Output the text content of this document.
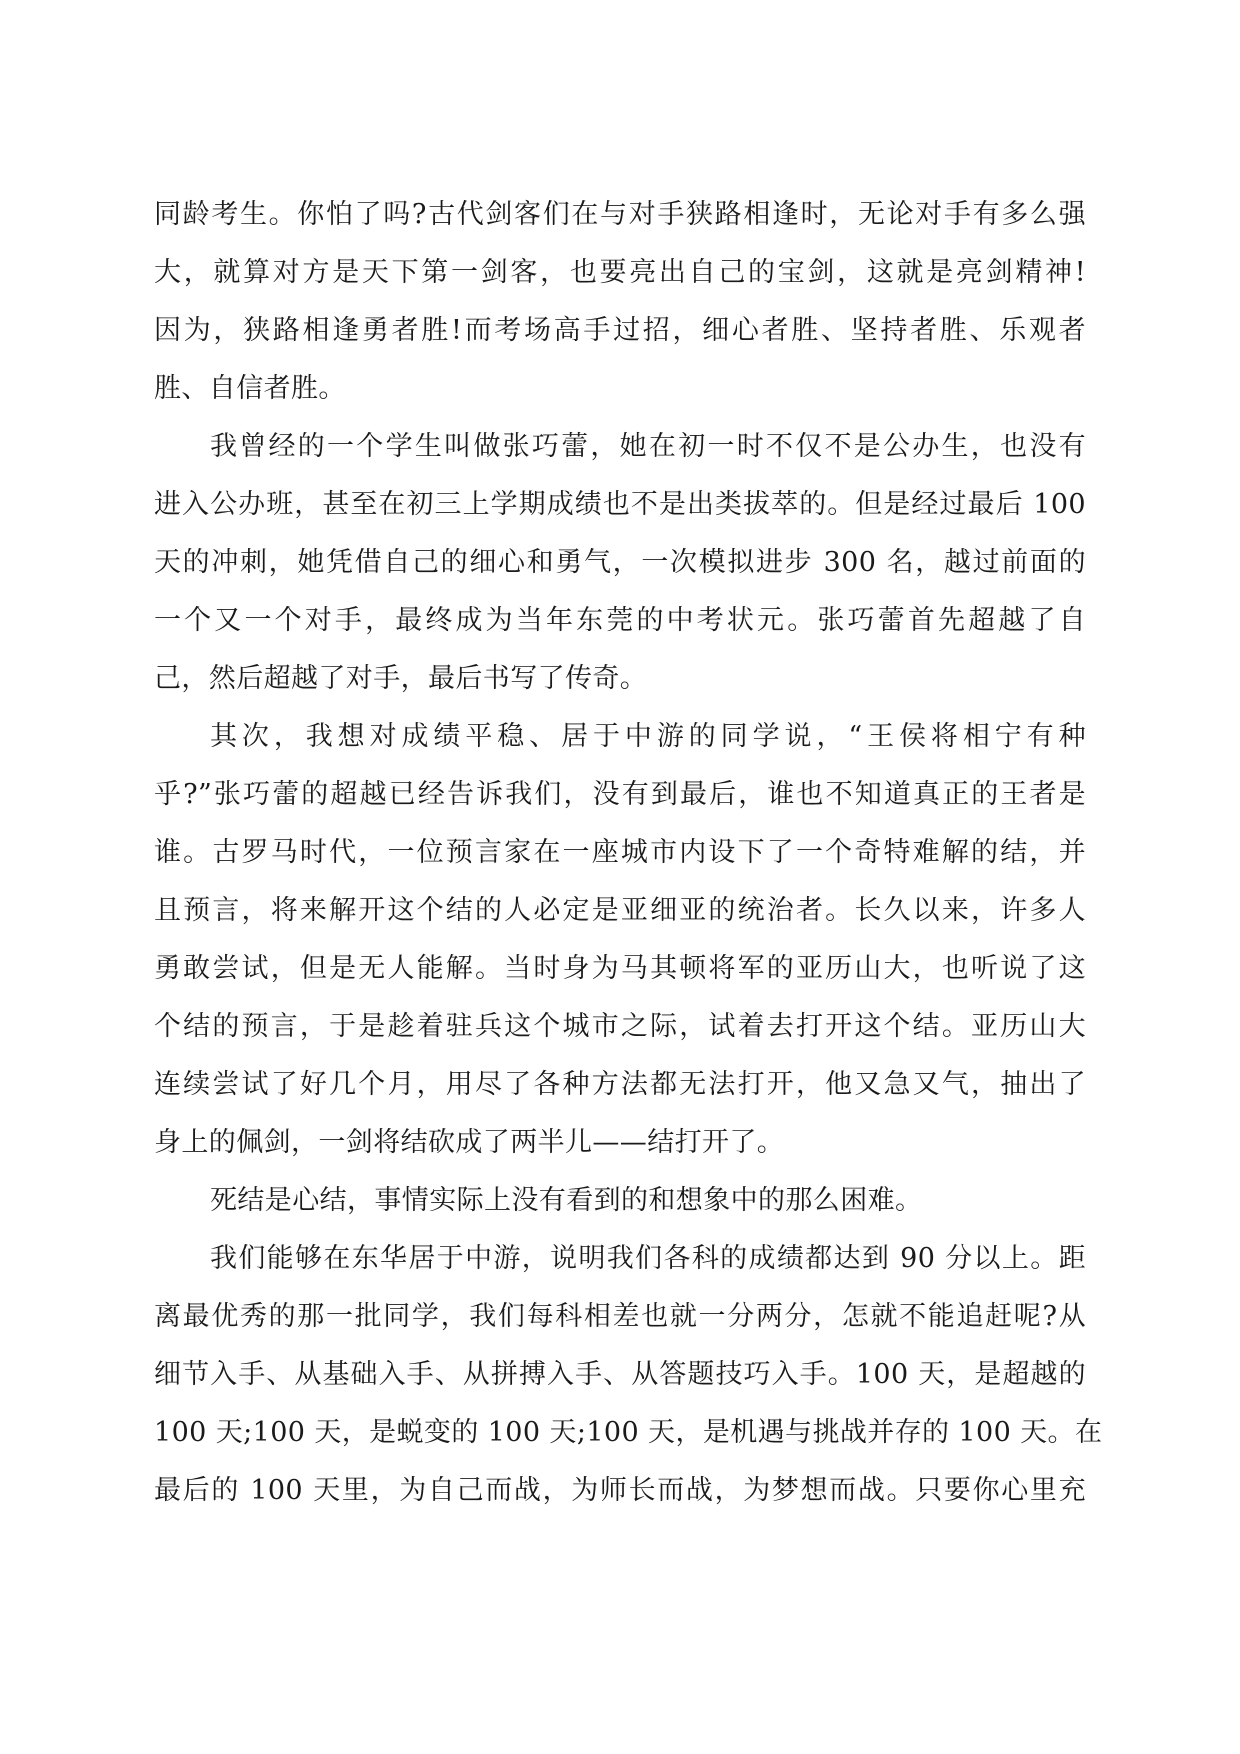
同龄考生。你怕了吗?古代剑客们在与对手狭路相逢时，无论对手有多么强
大，就算对方是天下第一剑客，也要亮出自己的宝剑，这就是亮剑精神!
因为，狭路相逢勇者胜!而考场高手过招，细心者胜、坚持者胜、乐观者
胜、自信者胜。
我曾经的一个学生叫做张巧蕾，她在初一时不仅不是公办生，也没有
进入公办班，甚至在初三上学期成绩也不是出类拔萃的。但是经过最后 100
天的冲刺，她凭借自己的细心和勇气，一次模拟进步 300 名，越过前面的
一个又一个对手，最终成为当年东莞的中考状元。张巧蕾首先超越了自
己，然后超越了对手，最后书写了传奇。
其次，我想对成绩平稳、居于中游的同学说，“王侯将相宁有种
乎?”张巧蕾的超越已经告诉我们，没有到最后，谁也不知道真正的王者是
谁。古罗马时代，一位预言家在一座城市内设下了一个奇特难解的结，并
且预言，将来解开这个结的人必定是亚细亚的统治者。长久以来，许多人
勇敢尝试，但是无人能解。当时身为马其顿将军的亚历山大，也听说了这
个结的预言，于是趁着驻兵这个城市之际，试着去打开这个结。亚历山大
连续尝试了好几个月，用尽了各种方法都无法打开，他又急又气，抽出了
身上的佩剑，一剑将结砍成了两半儿——结打开了。
死结是心结，事情实际上没有看到的和想象中的那么困难。
我们能够在东华居于中游，说明我们各科的成绩都达到 90 分以上。距
离最优秀的那一批同学，我们每科相差也就一分两分，怎就不能追赶呢?从
细节入手、从基础入手、从拼搏入手、从答题技巧入手。100 天，是超越的
100 天;100 天，是蜕变的 100 天;100 天，是机遇与挑战并存的 100 天。在
最后的 100 天里，为自己而战，为师长而战，为梦想而战。只要你心里充
